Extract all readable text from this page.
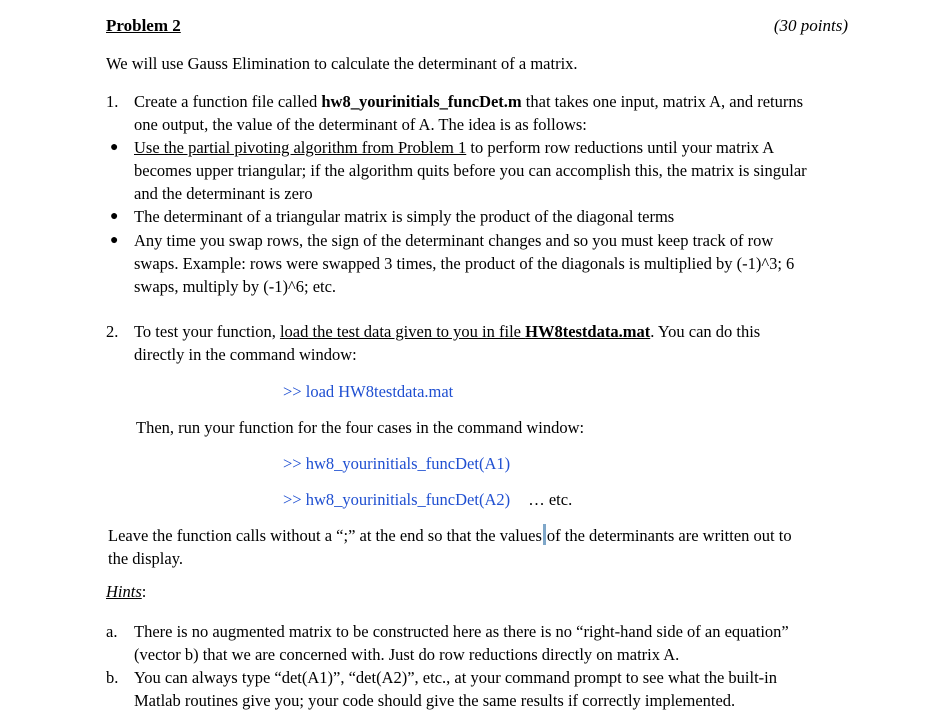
Problem 2	(30 points)
We will use Gauss Elimination to calculate the determinant of a matrix.
1. Create a function file called hw8_yourinitials_funcDet.m that takes one input, matrix A, and returns
one output, the value of the determinant of A. The idea is as follows:
● Use the partial pivoting algorithm from Problem 1 to perform row reductions until your matrix A
becomes upper triangular; if the algorithm quits before you can accomplish this, the matrix is singular
and the determinant is zero
● The determinant of a triangular matrix is simply the product of the diagonal terms
● Any time you swap rows, the sign of the determinant changes and so you must keep track of row
swaps. Example: rows were swapped 3 times, the product of the diagonals is multiplied by (-1)^3; 6
swaps, multiply by (-1)^6; etc.
2. To test your function, load the test data given to you in file HW8testdata.mat. You can do this
directly in the command window:
>> load HW8testdata.mat
Then, run your function for the four cases in the command window:
>> hw8_yourinitials_funcDet(A1)
>> hw8_yourinitials_funcDet(A2) … etc.
Leave the function calls without a “;” at the end so that the values of the determinants are written out to
the display.
Hints:
a. There is no augmented matrix to be constructed here as there is no “right-hand side of an equation”
(vector b) that we are concerned with. Just do row reductions directly on matrix A.
b. You can always type “det(A1)”, “det(A2)”, etc., at your command prompt to see what the built-in
Matlab routines give you; your code should give the same results if correctly implemented.
